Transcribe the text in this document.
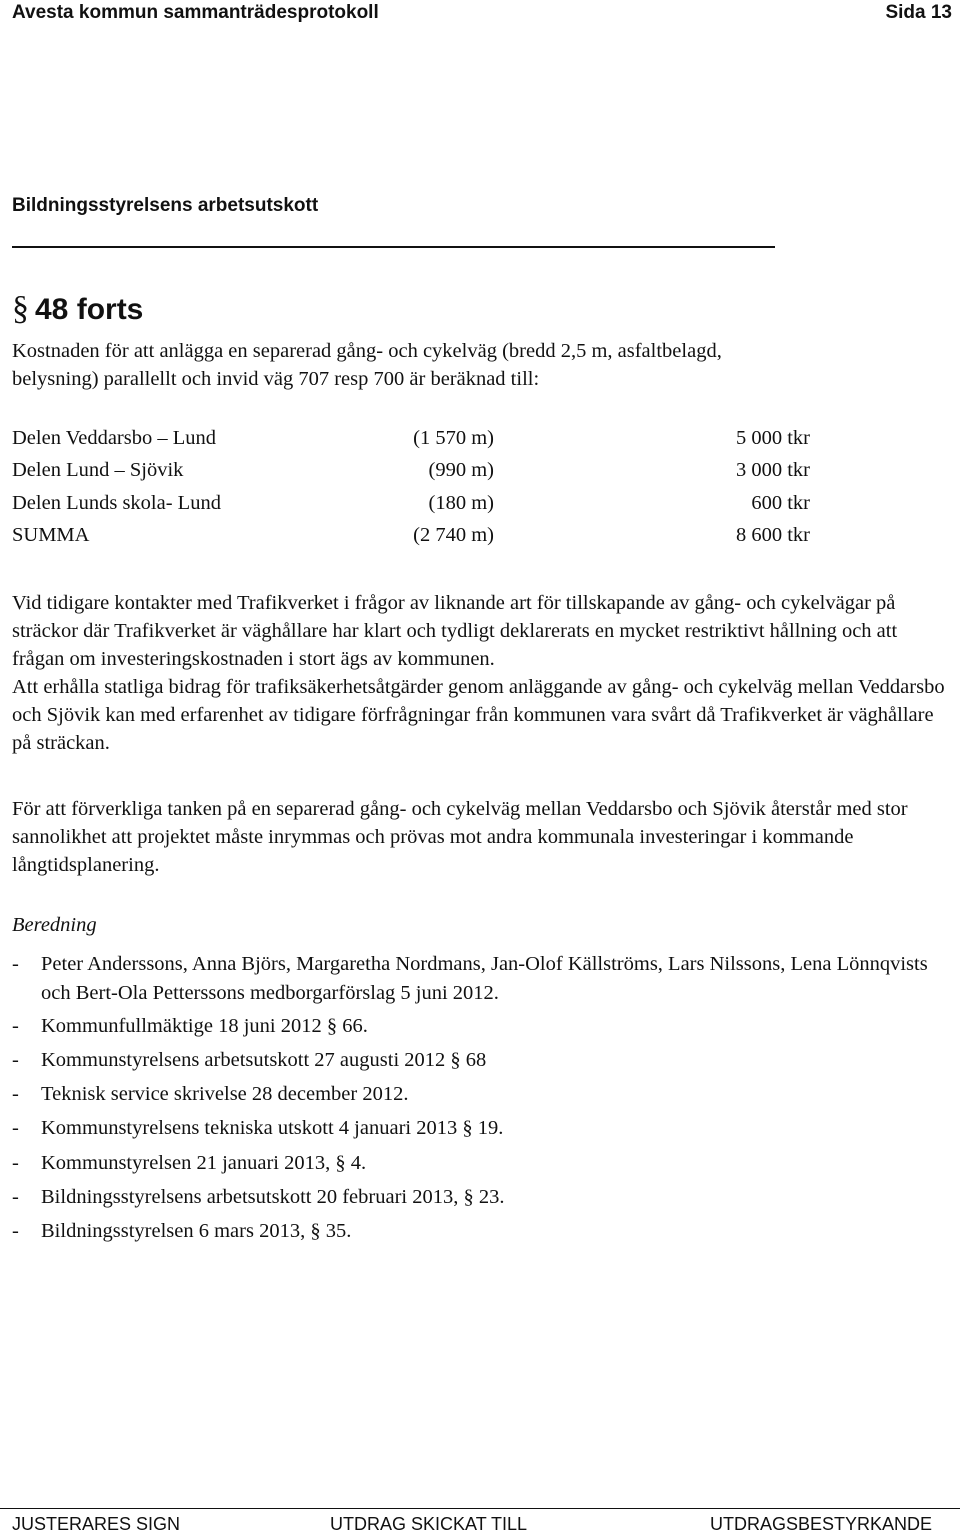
Avesta kommun sammanträdesprotokoll	Sida 13
Bildningsstyrelsens arbetsutskott
§ 48 forts
Kostnaden för att anlägga en separerad gång- och cykelväg (bredd 2,5 m, asfaltbelagd,
belysning) parallellt och invid väg 707 resp 700 är beräknad till:
Delen Veddarsbo – Lund	(1 570 m)	5 000 tkr
Delen Lund – Sjövik	(990 m)	3 000 tkr
Delen Lunds skola- Lund	(180 m)	600 tkr
SUMMA	(2 740 m)	8 600 tkr

Vid tidigare kontakter med Trafikverket i frågor av liknande art för tillskapande av gång- och cykelvägar på sträckor där Trafikverket är väghållare har klart och tydligt deklarerats en mycket restriktivt hållning och att frågan om investeringskostnaden i stort ägs av kommunen.

Att erhålla statliga bidrag för trafiksäkerhetsåtgärder genom anläggande av gång- och cykelväg mellan Veddarsbo och Sjövik kan med erfarenhet av tidigare förfrågningar från kommunen vara svårt då Trafikverket är väghållare på sträckan.

För att förverkliga tanken på en separerad gång- och cykelväg mellan Veddarsbo och Sjövik återstår med stor sannolikhet att projektet måste inrymmas och prövas mot andra kommunala investeringar i kommande långtidsplanering.

Beredning
- Peter Anderssons, Anna Björs, Margaretha Nordmans, Jan-Olof Källströms, Lars Nilssons, Lena Lönnqvists och Bert-Ola Petterssons medborgarförslag 5 juni 2012.
- Kommunfullmäktige 18 juni 2012 § 66.
- Kommunstyrelsens arbetsutskott 27 augusti 2012 § 68
- Teknisk service skrivelse 28 december 2012.
- Kommunstyrelsens tekniska utskott 4 januari 2013 § 19.
- Kommunstyrelsen 21 januari 2013, § 4.
- Bildningsstyrelsens arbetsutskott 20 februari 2013, § 23.
- Bildningsstyrelsen 6 mars 2013, § 35.
JUSTERARES SIGN	UTDRAG SKICKAT TILL	UTDRAGSBESTYRKANDE
